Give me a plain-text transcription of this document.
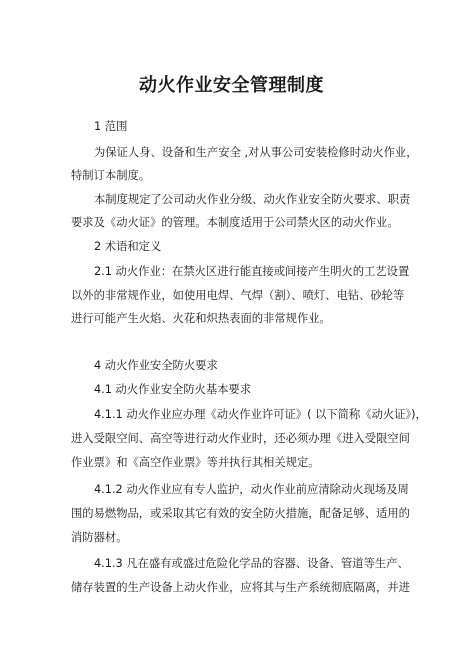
动火作业安全管理制度

1 范围

为保证人身、设备和生产安全 ,对从事公司安装检修时动火作业，

特制订本制度。

本制度规定了公司动火作业分级、动火作业安全防火要求、职责

要求及《动火证》的管理。本制度适用于公司禁火区的动火作业。

2 术语和定义

2.1 动火作业：在禁火区进行能直接或间接产生明火的工艺设置

以外的非常规作业，如使用电焊、气焊（割）、喷灯、电钻、砂轮等

进行可能产生火焰、火花和炽热表面的非常规作业。

4 动火作业安全防火要求

4.1 动火作业安全防火基本要求

4.1.1 动火作业应办理《动火作业许可证》( 以下简称《动火证》)，

进入受限空间、高空等进行动火作业时，还必须办理《进入受限空间

作业票》和《高空作业票》等并执行其相关规定。

4.1.2 动火作业应有专人监护，动火作业前应清除动火现场及周

围的易燃物品，或采取其它有效的安全防火措施，配备足够、适用的

消防器材。

4.1.3 凡在盛有或盛过危险化学品的容器、设备、管道等生产、

储存装置的生产设备上动火作业，应将其与生产系统彻底隔离，并进
